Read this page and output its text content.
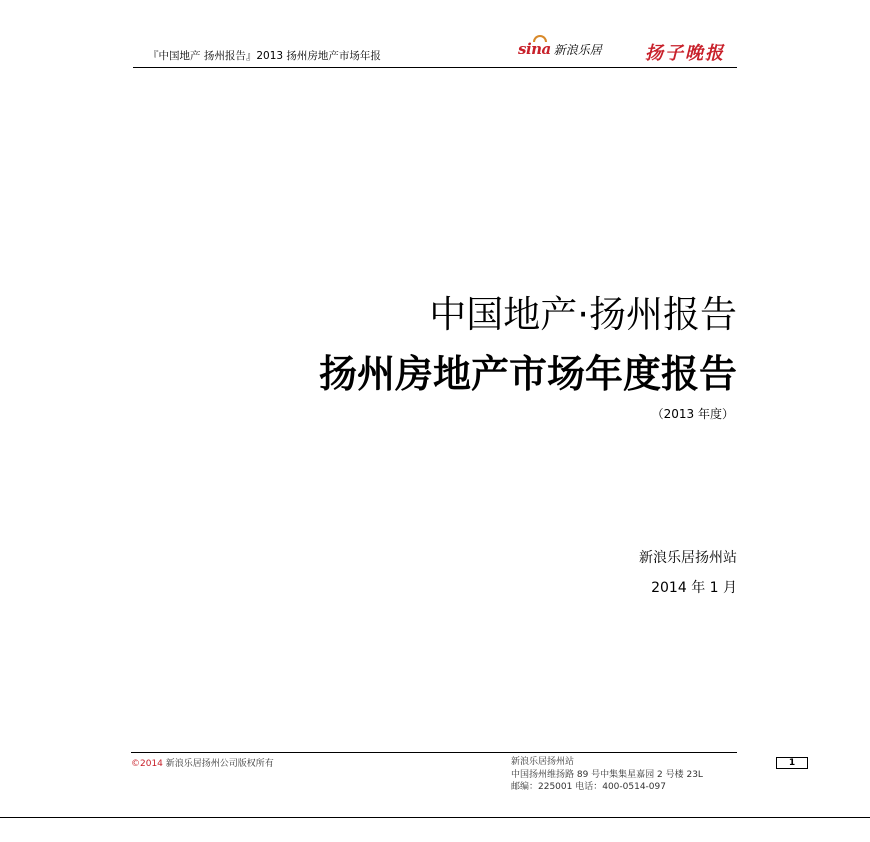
『中国地产 扬州报告』2013 扬州房地产市场年报	sina 新浪乐居 扬子晚报
中国地产·扬州报告
扬州房地产市场年度报告
（2013 年度）
新浪乐居扬州站
2014 年 1 月
©2014 新浪乐居扬州公司版权所有	新浪乐居扬州站
中国扬州维扬路 89 号中集集星嘉园 2 号楼 23L
邮编：225001 电话：400-0514-097
1
